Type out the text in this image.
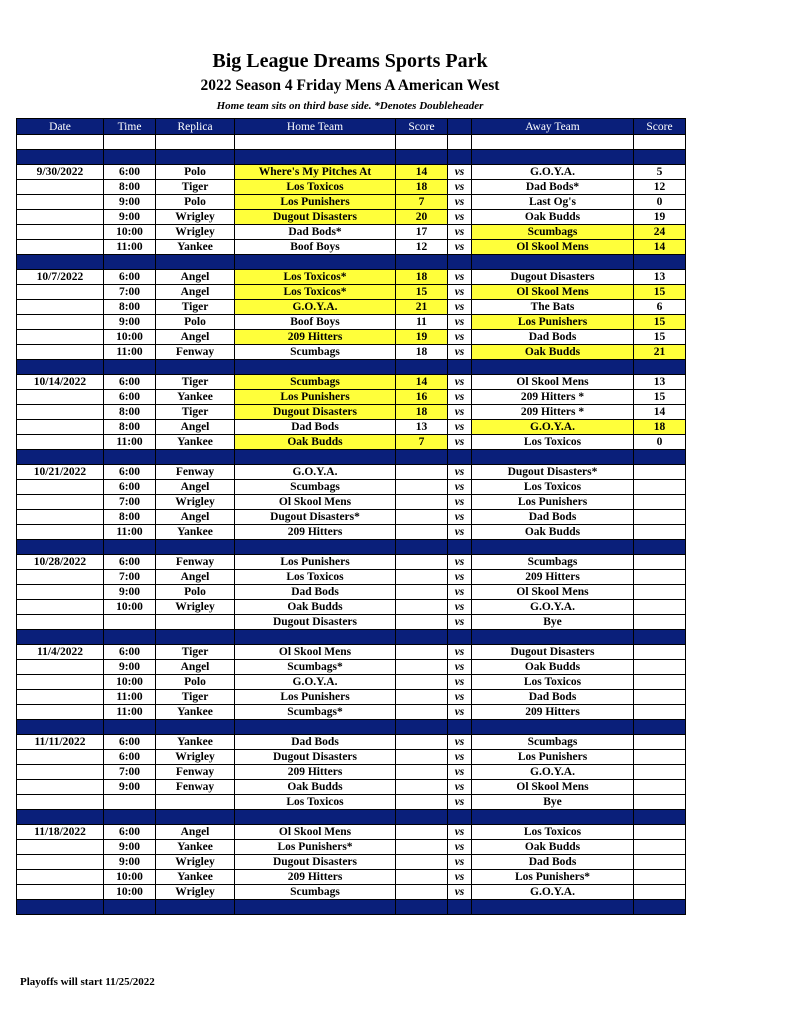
Big League Dreams Sports Park
2022 Season 4 Friday Mens A American West
Home team sits on third base side. *Denotes Doubleheader
Date	Time	Replica	Home Team	Score		Away Team	Score

9/30/2022	6:00	Polo	Where's My Pitches At	14	vs	G.O.Y.A.	5
	8:00	Tiger	Los Toxicos	18	vs	Dad Bods*	12
	9:00	Polo	Los Punishers	7	vs	Last Og's	0
	9:00	Wrigley	Dugout Disasters	20	vs	Oak Budds	19
	10:00	Wrigley	Dad Bods*	17	vs	Scumbags	24
	11:00	Yankee	Boof Boys	12	vs	Ol Skool Mens	14

10/7/2022	6:00	Angel	Los Toxicos*	18	vs	Dugout Disasters	13
	7:00	Angel	Los Toxicos*	15	vs	Ol Skool Mens	15
	8:00	Tiger	G.O.Y.A.	21	vs	The Bats	6
	9:00	Polo	Boof Boys	11	vs	Los Punishers	15
	10:00	Angel	209 Hitters	19	vs	Dad Bods	15
	11:00	Fenway	Scumbags	18	vs	Oak Budds	21

10/14/2022	6:00	Tiger	Scumbags	14	vs	Ol Skool Mens	13
	6:00	Yankee	Los Punishers	16	vs	209 Hitters *	15
	8:00	Tiger	Dugout Disasters	18	vs	209 Hitters *	14
	8:00	Angel	Dad Bods	13	vs	G.O.Y.A.	18
	11:00	Yankee	Oak Budds	7	vs	Los Toxicos	0

10/21/2022	6:00	Fenway	G.O.Y.A.		vs	Dugout Disasters*	
	6:00	Angel	Scumbags		vs	Los Toxicos	
	7:00	Wrigley	Ol Skool Mens		vs	Los Punishers	
	8:00	Angel	Dugout Disasters*		vs	Dad Bods	
	11:00	Yankee	209 Hitters		vs	Oak Budds	

10/28/2022	6:00	Fenway	Los Punishers		vs	Scumbags	
	7:00	Angel	Los Toxicos		vs	209 Hitters	
	9:00	Polo	Dad Bods		vs	Ol Skool Mens	
	10:00	Wrigley	Oak Budds		vs	G.O.Y.A.	
			Dugout Disasters		vs	Bye	

11/4/2022	6:00	Tiger	Ol Skool Mens		vs	Dugout Disasters	
	9:00	Angel	Scumbags*		vs	Oak Budds	
	10:00	Polo	G.O.Y.A.		vs	Los Toxicos	
	11:00	Tiger	Los Punishers		vs	Dad Bods	
	11:00	Yankee	Scumbags*		vs	209 Hitters	

11/11/2022	6:00	Yankee	Dad Bods		vs	Scumbags	
	6:00	Wrigley	Dugout Disasters		vs	Los Punishers	
	7:00	Fenway	209 Hitters		vs	G.O.Y.A.	
	9:00	Fenway	Oak Budds		vs	Ol Skool Mens	
			Los Toxicos		vs	Bye	

11/18/2022	6:00	Angel	Ol Skool Mens		vs	Los Toxicos	
	9:00	Yankee	Los Punishers*		vs	Oak Budds	
	9:00	Wrigley	Dugout Disasters		vs	Dad Bods	
	10:00	Yankee	209 Hitters		vs	Los Punishers*	
	10:00	Wrigley	Scumbags		vs	G.O.Y.A.	

Playoffs will start 11/25/2022
